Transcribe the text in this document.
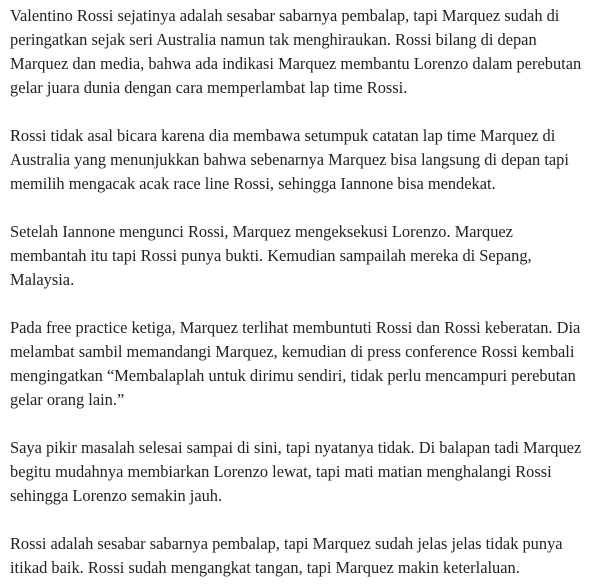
Valentino Rossi sejatinya adalah sesabar sabarnya pembalap, tapi Marquez sudah di peringatkan sejak seri Australia namun tak menghiraukan. Rossi bilang di depan Marquez dan media, bahwa ada indikasi Marquez membantu Lorenzo dalam perebutan gelar juara dunia dengan cara memperlambat lap time Rossi.

Rossi tidak asal bicara karena dia membawa setumpuk catatan lap time Marquez di Australia yang menunjukkan bahwa sebenarnya Marquez bisa langsung di depan tapi memilih mengacak acak race line Rossi, sehingga Iannone bisa mendekat.

Setelah Iannone mengunci Rossi, Marquez mengeksekusi Lorenzo. Marquez membantah itu tapi Rossi punya bukti. Kemudian sampailah mereka di Sepang, Malaysia.

Pada free practice ketiga, Marquez terlihat membuntuti Rossi dan Rossi keberatan. Dia melambat sambil memandangi Marquez, kemudian di press conference Rossi kembali mengingatkan “Membalaplah untuk dirimu sendiri, tidak perlu mencampuri perebutan gelar orang lain.”

Saya pikir masalah selesai sampai di sini, tapi nyatanya tidak. Di balapan tadi Marquez begitu mudahnya membiarkan Lorenzo lewat, tapi mati matian menghalangi Rossi sehingga Lorenzo semakin jauh.

Rossi adalah sesabar sabarnya pembalap, tapi Marquez sudah jelas jelas tidak punya itikad baik. Rossi sudah mengangkat tangan, tapi Marquez makin keterlaluan.
